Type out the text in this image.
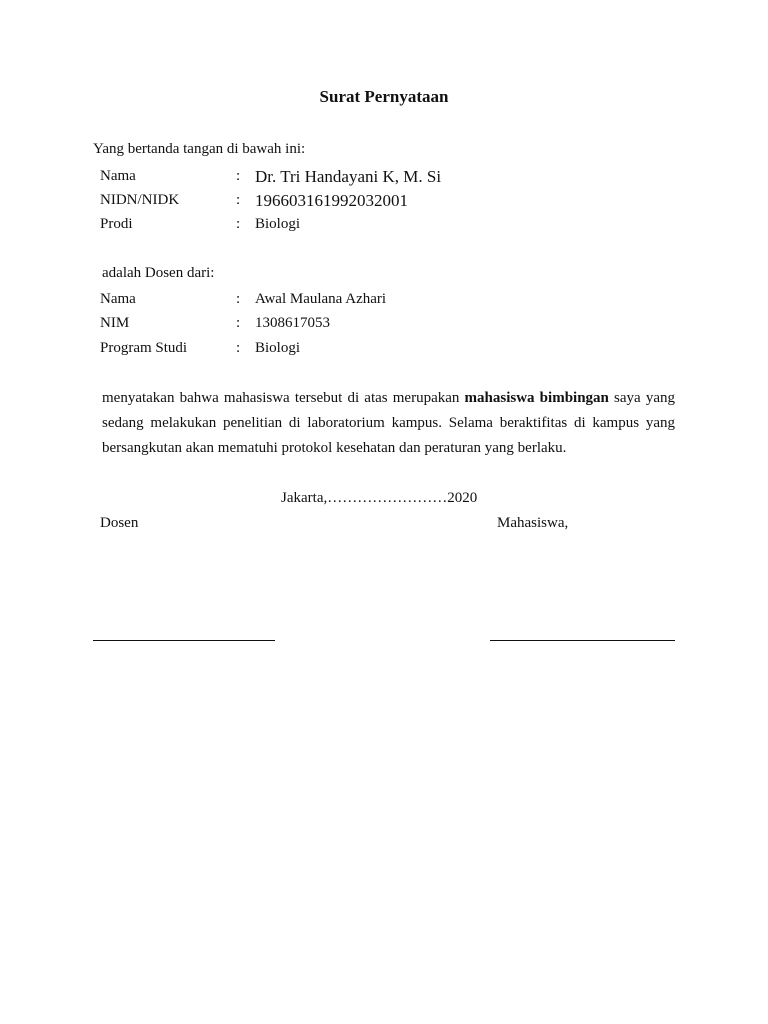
Surat Pernyataan
Yang bertanda tangan di bawah ini:
Nama	: Dr. Tri Handayani K, M. Si
NIDN/NIDK	: 196603161992032001
Prodi	: Biologi
adalah Dosen dari:
Nama	: Awal Maulana Azhari
NIM	: 1308617053
Program Studi	: Biologi
menyatakan bahwa mahasiswa tersebut di atas merupakan mahasiswa bimbingan saya yang sedang melakukan penelitian di laboratorium kampus. Selama beraktifitas di kampus yang bersangkutan akan mematuhi protokol kesehatan dan peraturan yang berlaku.
Jakarta,……………………2020
Dosen	Mahasiswa,
